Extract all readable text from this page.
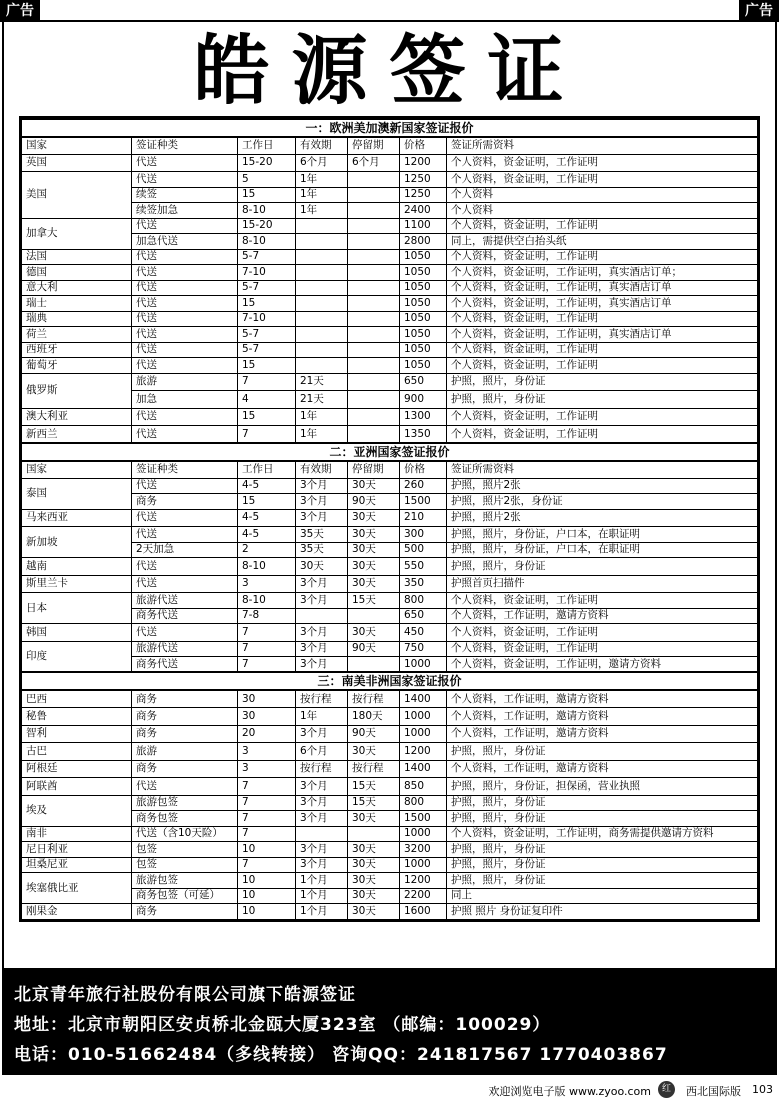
广告	广告
皓源签证
一：欧洲美加澳新国家签证报价						
国家	签证种类	工作日	有效期	停留期	价格	签证所需资料
英国	代送	15-20	6个月	6个月	1200	个人资料，资金证明，工作证明
美国	代送	5	1年		1250	个人资料，资金证明，工作证明
	续签	15	1年		1250	个人资料
	续签加急	8-10	1年		2400	个人资料
加拿大	代送	15-20			1100	个人资料，资金证明，工作证明
	加急代送	8-10			2800	同上，需提供空白抬头纸
法国	代送	5-7			1050	个人资料，资金证明，工作证明
德国	代送	7-10			1050	个人资料，资金证明，工作证明，真实酒店订单；
意大利	代送	5-7			1050	个人资料，资金证明，工作证明，真实酒店订单
瑞士	代送	15			1050	个人资料，资金证明，工作证明，真实酒店订单
瑞典	代送	7-10			1050	个人资料，资金证明，工作证明
荷兰	代送	5-7			1050	个人资料，资金证明，工作证明，真实酒店订单
西班牙	代送	5-7			1050	个人资料，资金证明，工作证明
葡萄牙	代送	15			1050	个人资料，资金证明，工作证明
俄罗斯	旅游	7	21天		650	护照，照片，身份证
	加急	4	21天		900	护照，照片，身份证
澳大利亚	代送	15	1年		1300	个人资料，资金证明，工作证明
新西兰	代送	7	1年		1350	个人资料，资金证明，工作证明
二：亚洲国家签证报价						
国家	签证种类	工作日	有效期	停留期	价格	签证所需资料
泰国	代送	4-5	3个月	30天	260	护照，照片2张
	商务	15	3个月	90天	1500	护照，照片2张，身份证
马来西亚	代送	4-5	3个月	30天	210	护照，照片2张
新加坡	代送	4-5	35天	30天	300	护照，照片，身份证，户口本，在职证明
	2天加急	2	35天	30天	500	护照，照片，身份证，户口本，在职证明
越南	代送	8-10	30天	30天	550	护照，照片，身份证
斯里兰卡	代送	3	3个月	30天	350	护照首页扫描件
日本	旅游代送	8-10	3个月	15天	800	个人资料，资金证明，工作证明
	商务代送	7-8			650	个人资料，工作证明，邀请方资料
韩国	代送	7	3个月	30天	450	个人资料，资金证明，工作证明
印度	旅游代送	7	3个月	90天	750	个人资料，资金证明，工作证明
	商务代送	7	3个月		1000	个人资料，资金证明，工作证明，邀请方资料
三：南美非洲国家签证报价						
巴西	商务	30	按行程	按行程	1400	个人资料，工作证明，邀请方资料
秘鲁	商务	30	1年	180天	1000	个人资料，工作证明，邀请方资料
智利	商务	20	3个月	90天	1000	个人资料，工作证明，邀请方资料
古巴	旅游	3	6个月	30天	1200	护照，照片，身份证
阿根廷	商务	3	按行程	按行程	1400	个人资料，工作证明，邀请方资料
阿联酋	代送	7	3个月	15天	850	护照，照片，身份证，担保函，营业执照
埃及	旅游包签	7	3个月	15天	800	护照，照片，身份证
	商务包签	7	3个月	30天	1500	护照，照片，身份证
南非	代送（含10天险）	7			1000	个人资料，资金证明，工作证明，商务需提供邀请方资料
尼日利亚	包签	10	3个月	30天	3200	护照，照片，身份证
坦桑尼亚	包签	7	3个月	30天	1000	护照，照片，身份证
埃塞俄比亚	旅游包签	10	1个月	30天	1200	护照，照片，身份证
	商务包签（可延）	10	1个月	30天	2200	同上
刚果金	商务	10	1个月	30天	1600	护照 照片 身份证复印件
北京青年旅行社股份有限公司旗下皓源签证
地址：北京市朝阳区安贞桥北金瓯大厦323室 （邮编：100029）
电话：010-51662484（多线转接） 咨询QQ：241817567 1770403867
欢迎浏览电子版 www.zyoo.com	红	西北国际版 103
